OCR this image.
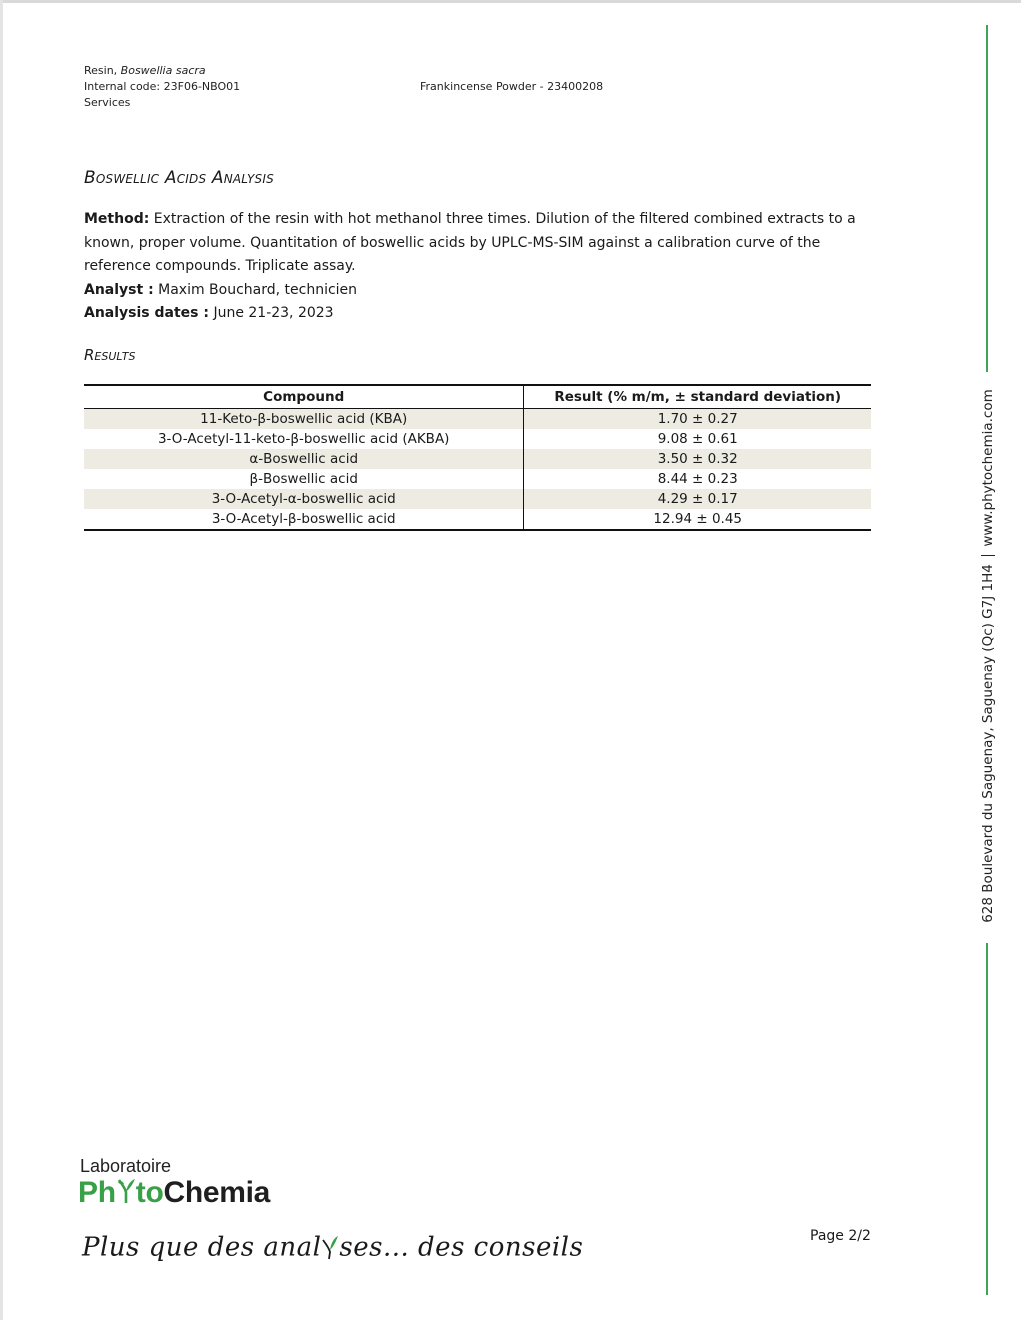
Resin, Boswellia sacra
Internal code: 23F06-NBO01
Services
Frankincense Powder - 23400208
Boswellic Acids Analysis
Method: Extraction of the resin with hot methanol three times. Dilution of the filtered combined extracts to a
known, proper volume. Quantitation of boswellic acids by UPLC-MS-SIM against a calibration curve of the
reference compounds. Triplicate assay.
Analyst : Maxim Bouchard, technicien
Analysis dates : June 21-23, 2023
Results
Compound	Result (% m/m, ± standard deviation)
11-Keto-β-boswellic acid (KBA)	1.70 ± 0.27
3-O-Acetyl-11-keto-β-boswellic acid (AKBA)	9.08 ± 0.61
α-Boswellic acid	3.50 ± 0.32
β-Boswellic acid	8.44 ± 0.23
3-O-Acetyl-α-boswellic acid	4.29 ± 0.17
3-O-Acetyl-β-boswellic acid	12.94 ± 0.45
628 Boulevard du Saguenay, Saguenay (Qc) G7J 1H4
www.phytochemia.com
Laboratoire
Ph toChemia
Plus que des anal ses... des conseils	Page 2/2
